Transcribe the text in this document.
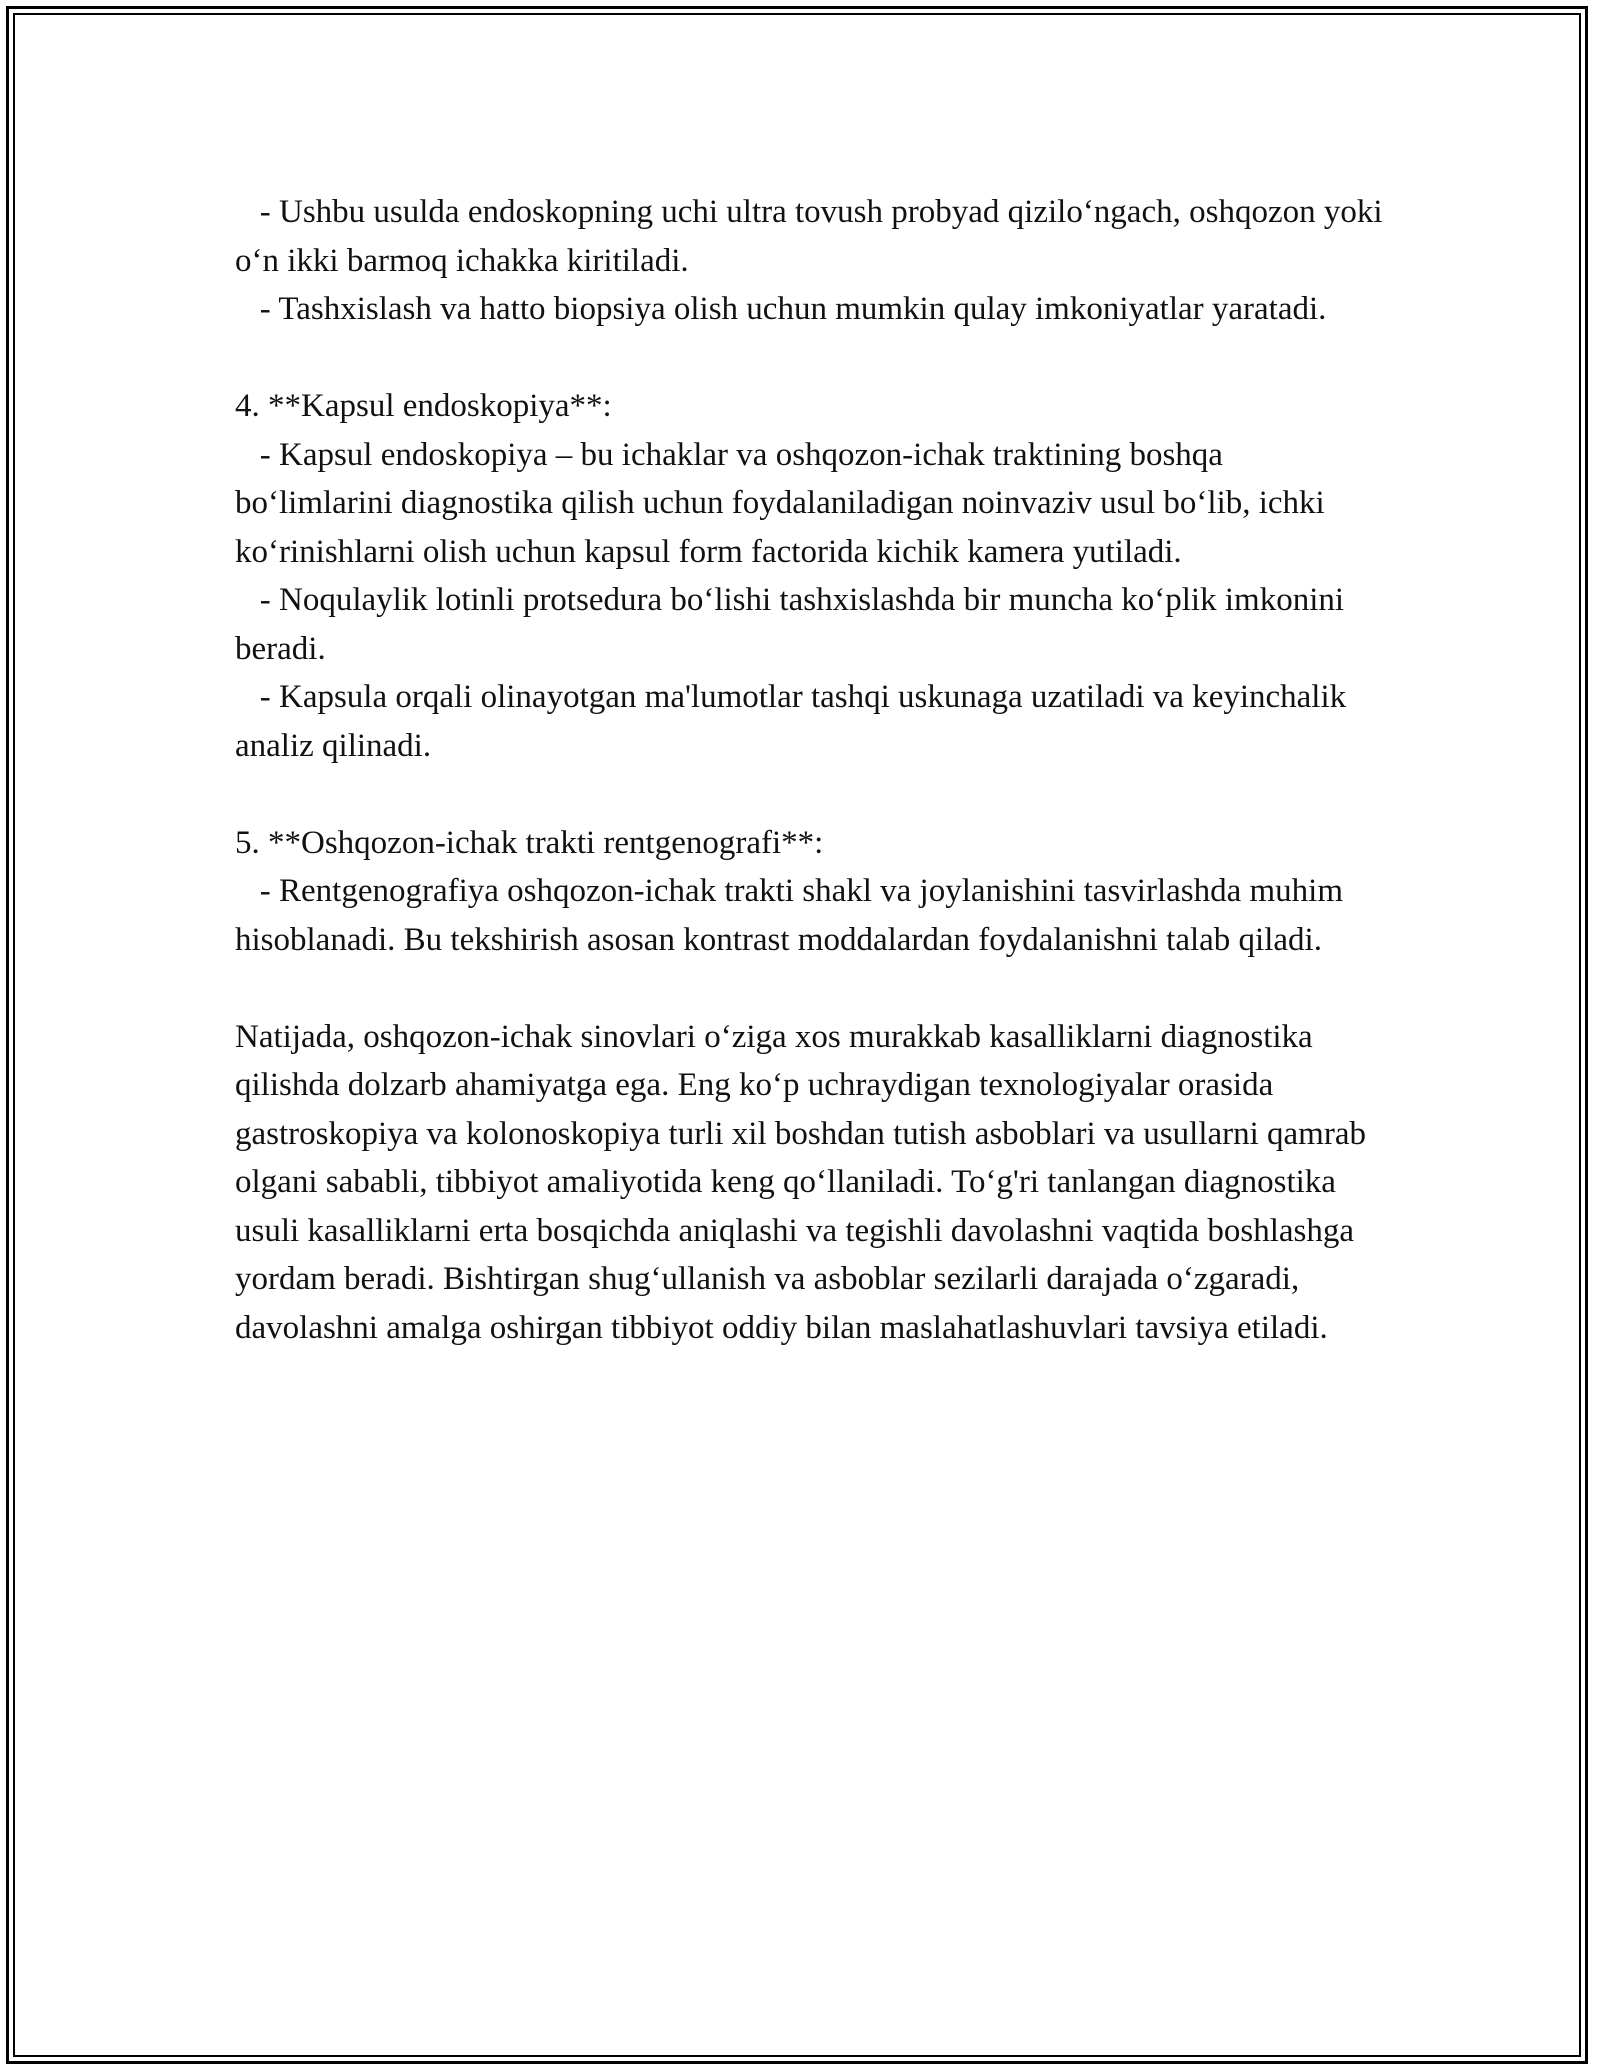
- Ushbu usulda endoskopning uchi ultra tovush probyad qizilo‘ngach, oshqozon yoki o‘n ikki barmoq ichakka kiritiladi.

- Tashxislash va hatto biopsiya olish uchun mumkin qulay imkoniyatlar yaratadi.

4. **Kapsul endoskopiya**:

- Kapsul endoskopiya – bu ichaklar va oshqozon-ichak traktining boshqa bo‘limlarini diagnostika qilish uchun foydalaniladigan noinvaziv usul bo‘lib, ichki ko‘rinishlarni olish uchun kapsul form factorida kichik kamera yutiladi.

- Noqulaylik lotinli protsedura bo‘lishi tashxislashda bir muncha ko‘plik imkonini beradi.

- Kapsula orqali olinayotgan ma'lumotlar tashqi uskunaga uzatiladi va keyinchalik analiz qilinadi.

5. **Oshqozon-ichak trakti rentgenografi**:

- Rentgenografiya oshqozon-ichak trakti shakl va joylanishini tasvirlashda muhim hisoblanadi. Bu tekshirish asosan kontrast moddalardan foydalanishni talab qiladi.

Natijada, oshqozon-ichak sinovlari o‘ziga xos murakkab kasalliklarni diagnostika qilishda dolzarb ahamiyatga ega. Eng ko‘p uchraydigan texnologiyalar orasida gastroskopiya va kolonoskopiya turli xil boshdan tutish asboblari va usullarni qamrab olgani sababli, tibbiyot amaliyotida keng qo‘llaniladi. To‘g'ri tanlangan diagnostika usuli kasalliklarni erta bosqichda aniqlashi va tegishli davolashni vaqtida boshlashga yordam beradi. Bishtirgan shug‘ullanish va asboblar sezilarli darajada o‘zgaradi, davolashni amalga oshirgan tibbiyot oddiy bilan maslahatlashuvlari tavsiya etiladi.
